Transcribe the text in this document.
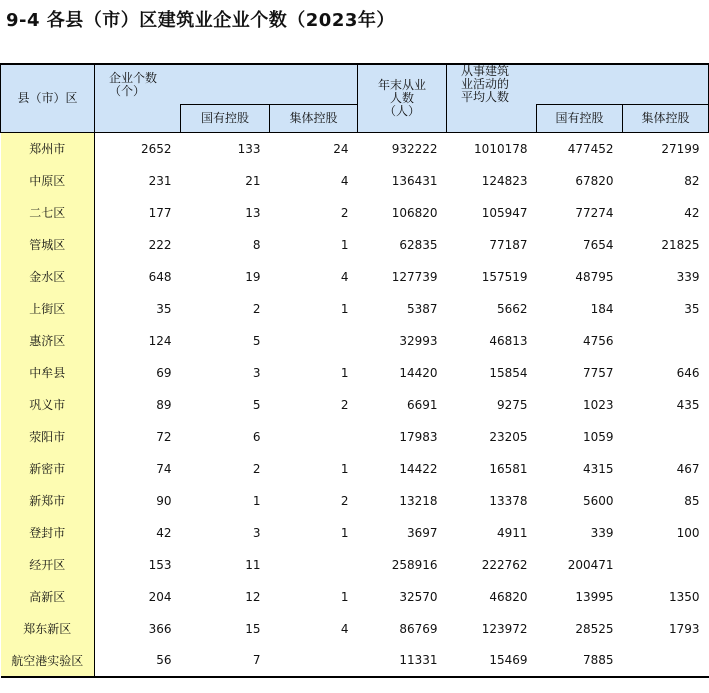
9-4 各县（市）区建筑业企业个数（2023年）
县（市）区	企业个数
（个）			年末从业
人数
（人）	从事建筑
业活动的
平均人数		
		国有控股	集体控股			国有控股	集体控股
郑州市	2652	133	24	932222	1010178	477452	27199
中原区	231	21	4	136431	124823	67820	82
二七区	177	13	2	106820	105947	77274	42
管城区	222	8	1	62835	77187	7654	21825
金水区	648	19	4	127739	157519	48795	339
上街区	35	2	1	5387	5662	184	35
惠济区	124	5		32993	46813	4756	
中牟县	69	3	1	14420	15854	7757	646
巩义市	89	5	2	6691	9275	1023	435
荥阳市	72	6		17983	23205	1059	
新密市	74	2	1	14422	16581	4315	467
新郑市	90	1	2	13218	13378	5600	85
登封市	42	3	1	3697	4911	339	100
经开区	153	11		258916	222762	200471	
高新区	204	12	1	32570	46820	13995	1350
郑东新区	366	15	4	86769	123972	28525	1793
航空港实验区	56	7		11331	15469	7885	
